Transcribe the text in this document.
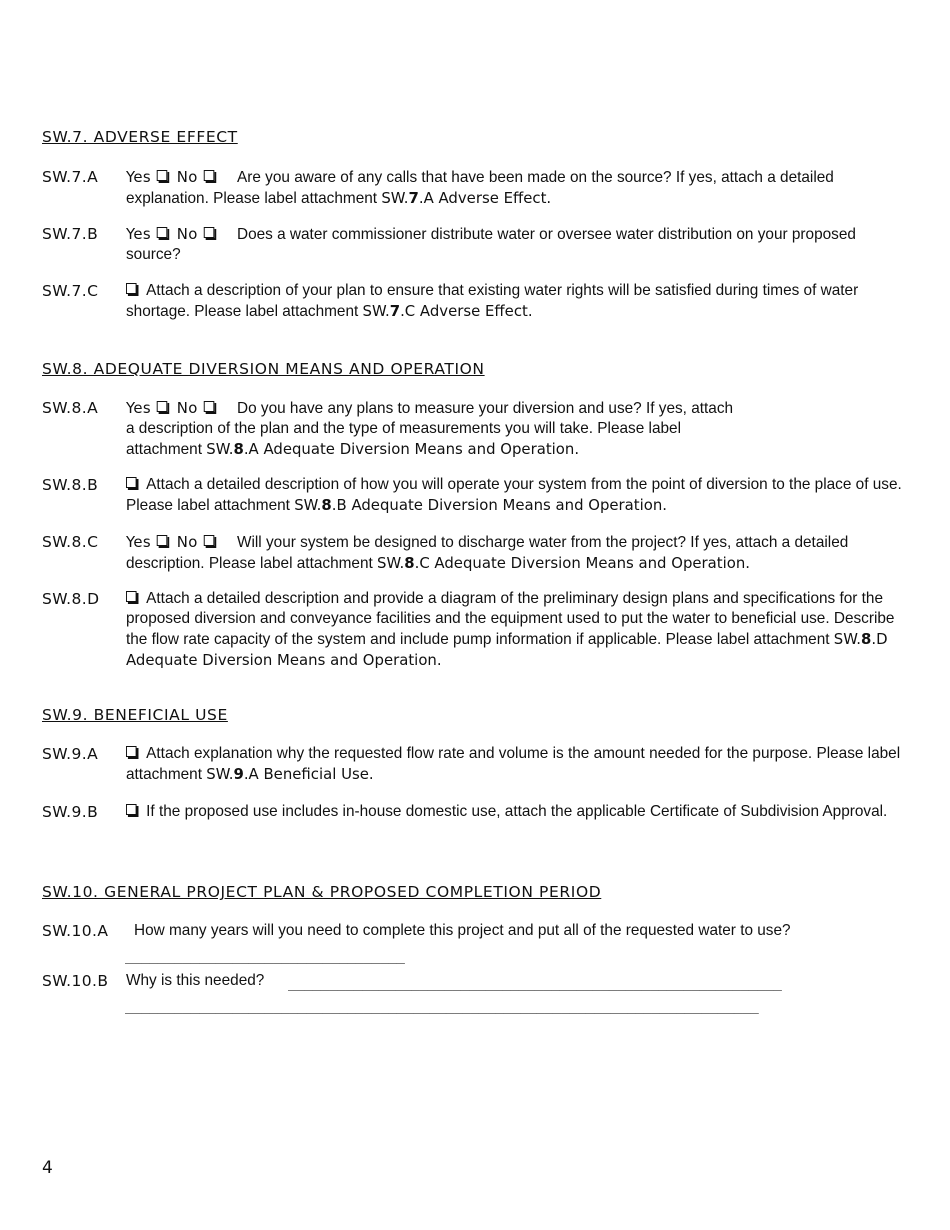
SW.7. ADVERSE EFFECT
SW.7.A Yes No Are you aware of any calls that have been made on the source? If yes, attach a detailed explanation. Please label attachment SW.7.A Adverse Effect.
SW.7.B Yes No Does a water commissioner distribute water or oversee water distribution on your proposed source?
SW.7.C	Attach a description of your plan to ensure that existing water rights will be satisfied during times of water shortage. Please label attachment SW.7.C Adverse Effect.
SW.8. ADEQUATE DIVERSION MEANS AND OPERATION
SW.8.A Yes No Do you have any plans to measure your diversion and use? If yes, attach a description of the plan and the type of measurements you will take. Please label attachment SW.8.A Adequate Diversion Means and Operation.
SW.8.B	Attach a detailed description of how you will operate your system from the point of diversion to the place of use. Please label attachment SW.8.B Adequate Diversion Means and Operation.
SW.8.C Yes No Will your system be designed to discharge water from the project? If yes, attach a detailed description. Please label attachment SW.8.C Adequate Diversion Means and Operation.
SW.8.D	Attach a detailed description and provide a diagram of the preliminary design plans and specifications for the proposed diversion and conveyance facilities and the equipment used to put the water to beneficial use. Describe the flow rate capacity of the system and include pump information if applicable. Please label attachment SW.8.D Adequate Diversion Means and Operation.
SW.9. BENEFICIAL USE
SW.9.A	Attach explanation why the requested flow rate and volume is the amount needed for the purpose. Please label attachment SW.9.A Beneficial Use.
SW.9.B	If the proposed use includes in-house domestic use, attach the applicable Certificate of Subdivision Approval.
SW.10. GENERAL PROJECT PLAN & PROPOSED COMPLETION PERIOD
SW.10.A How many years will you need to complete this project and put all of the requested water to use?
__________________________________
SW.10.B Why is this needed?	____________________________________________________________
_____________________________________________________________________________
4
